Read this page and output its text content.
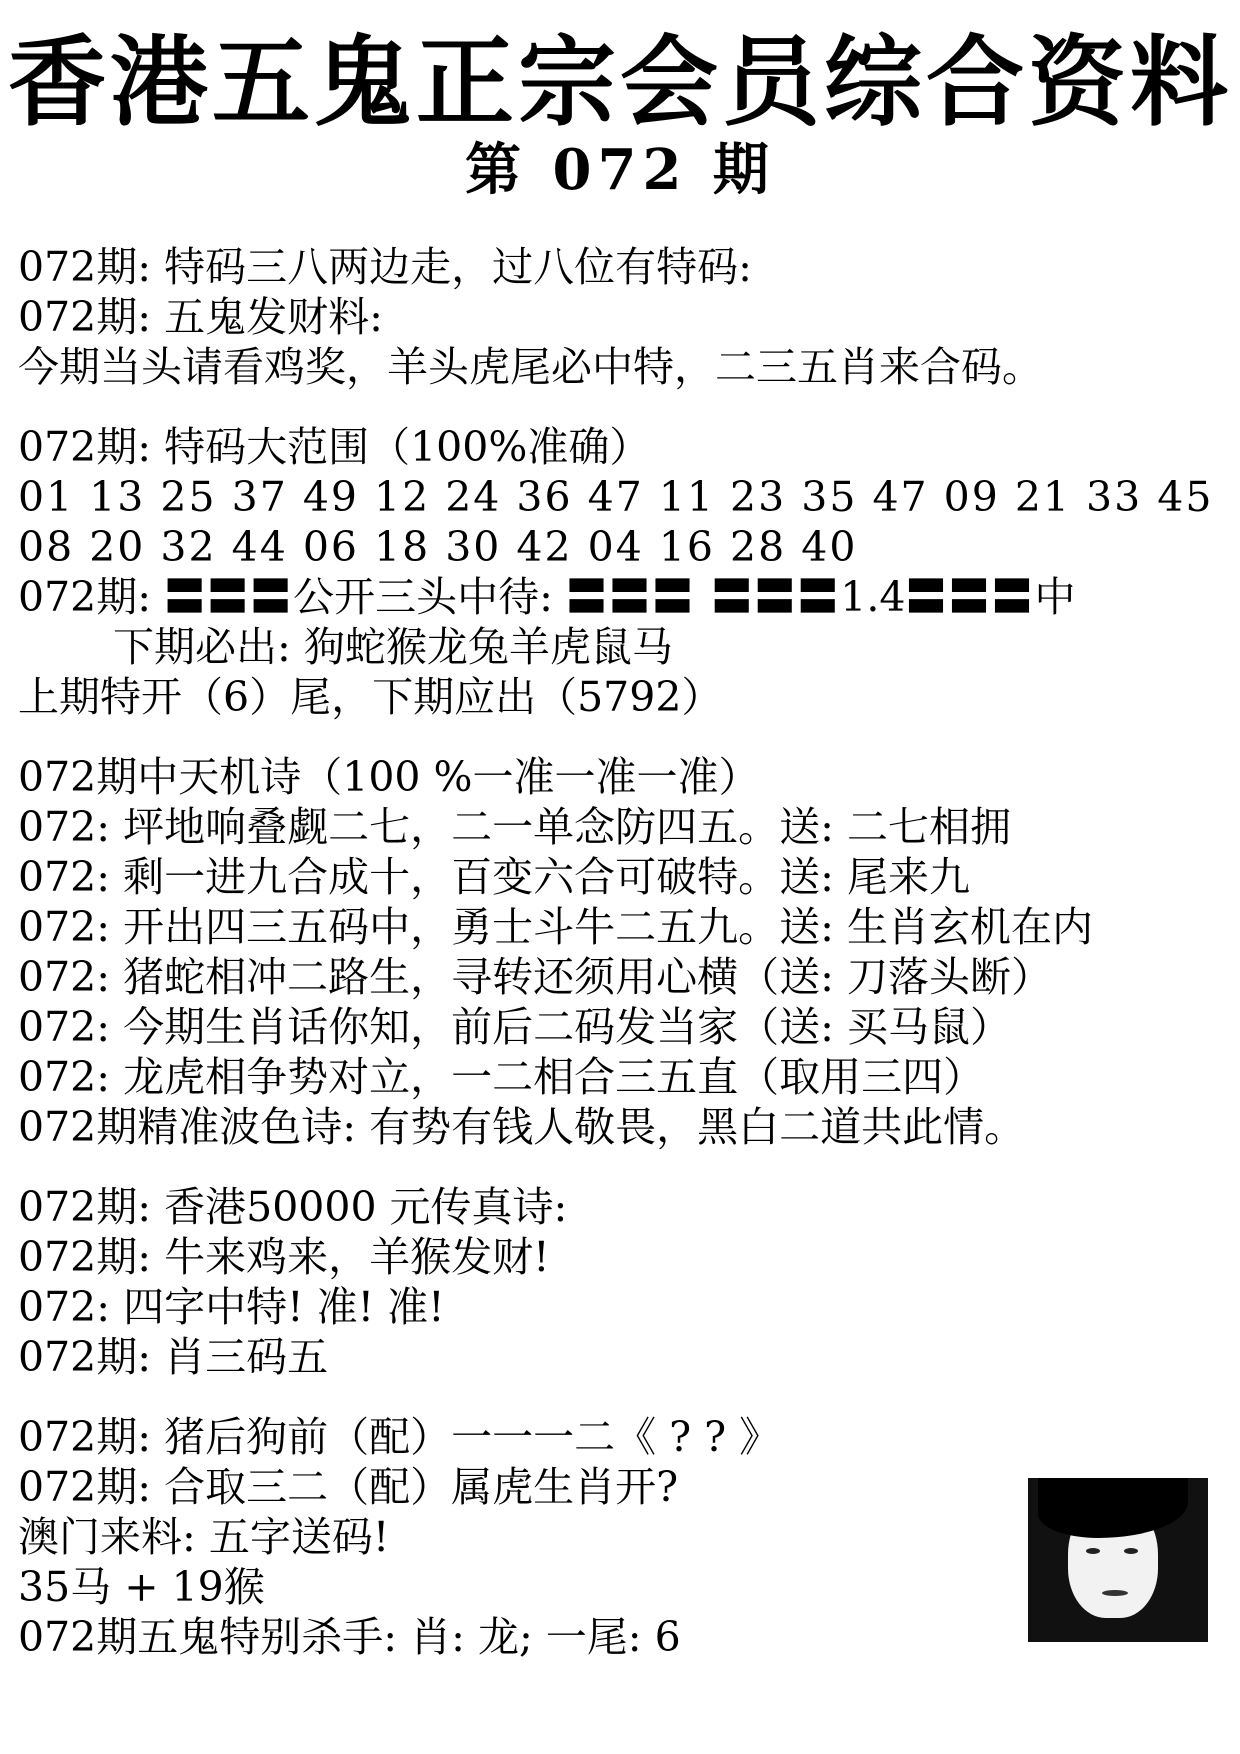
香港五鬼正宗会员综合资料
第 072 期
072期: 特码三八两边走，过八位有特码:
072期: 五鬼发财料:
今期当头请看鸡奖，羊头虎尾必中特，二三五肖来合码。
072期: 特码大范围（100%准确）
01 13 25 37 49 12 24 36 47 11 23 35 47 09 21 33 45
08 20 32 44 06 18 30 42 04 16 28 40
072期: 〓〓〓公开三头中待: 〓〓〓 〓〓〓1.4〓〓〓中
下期必出: 狗蛇猴龙兔羊虎鼠马
上期特开（6）尾，下期应出（5792）
072期中天机诗（100 %一准一准一准）
072: 坪地响叠觑二七，二一单念防四五。送: 二七相拥
072: 剩一进九合成十，百变六合可破特。送: 尾来九
072: 开出四三五码中，勇士斗牛二五九。送: 生肖玄机在内
072: 猪蛇相冲二路生，寻转还须用心横（送: 刀落头断）
072: 今期生肖话你知，前后二码发当家（送: 买马鼠）
072: 龙虎相争势对立，一二相合三五直（取用三四）
072期精准波色诗: 有势有钱人敬畏，黑白二道共此情。
072期: 香港50000 元传真诗:
072期: 牛来鸡来，羊猴发财!
072: 四字中特! 准! 准!
072期: 肖三码五
072期: 猪后狗前（配）一一一二《 ? ? 》
072期: 合取三二（配）属虎生肖开?
澳门来料: 五字送码!
35马 + 19猴
072期五鬼特别杀手: 肖: 龙; 一尾: 6
